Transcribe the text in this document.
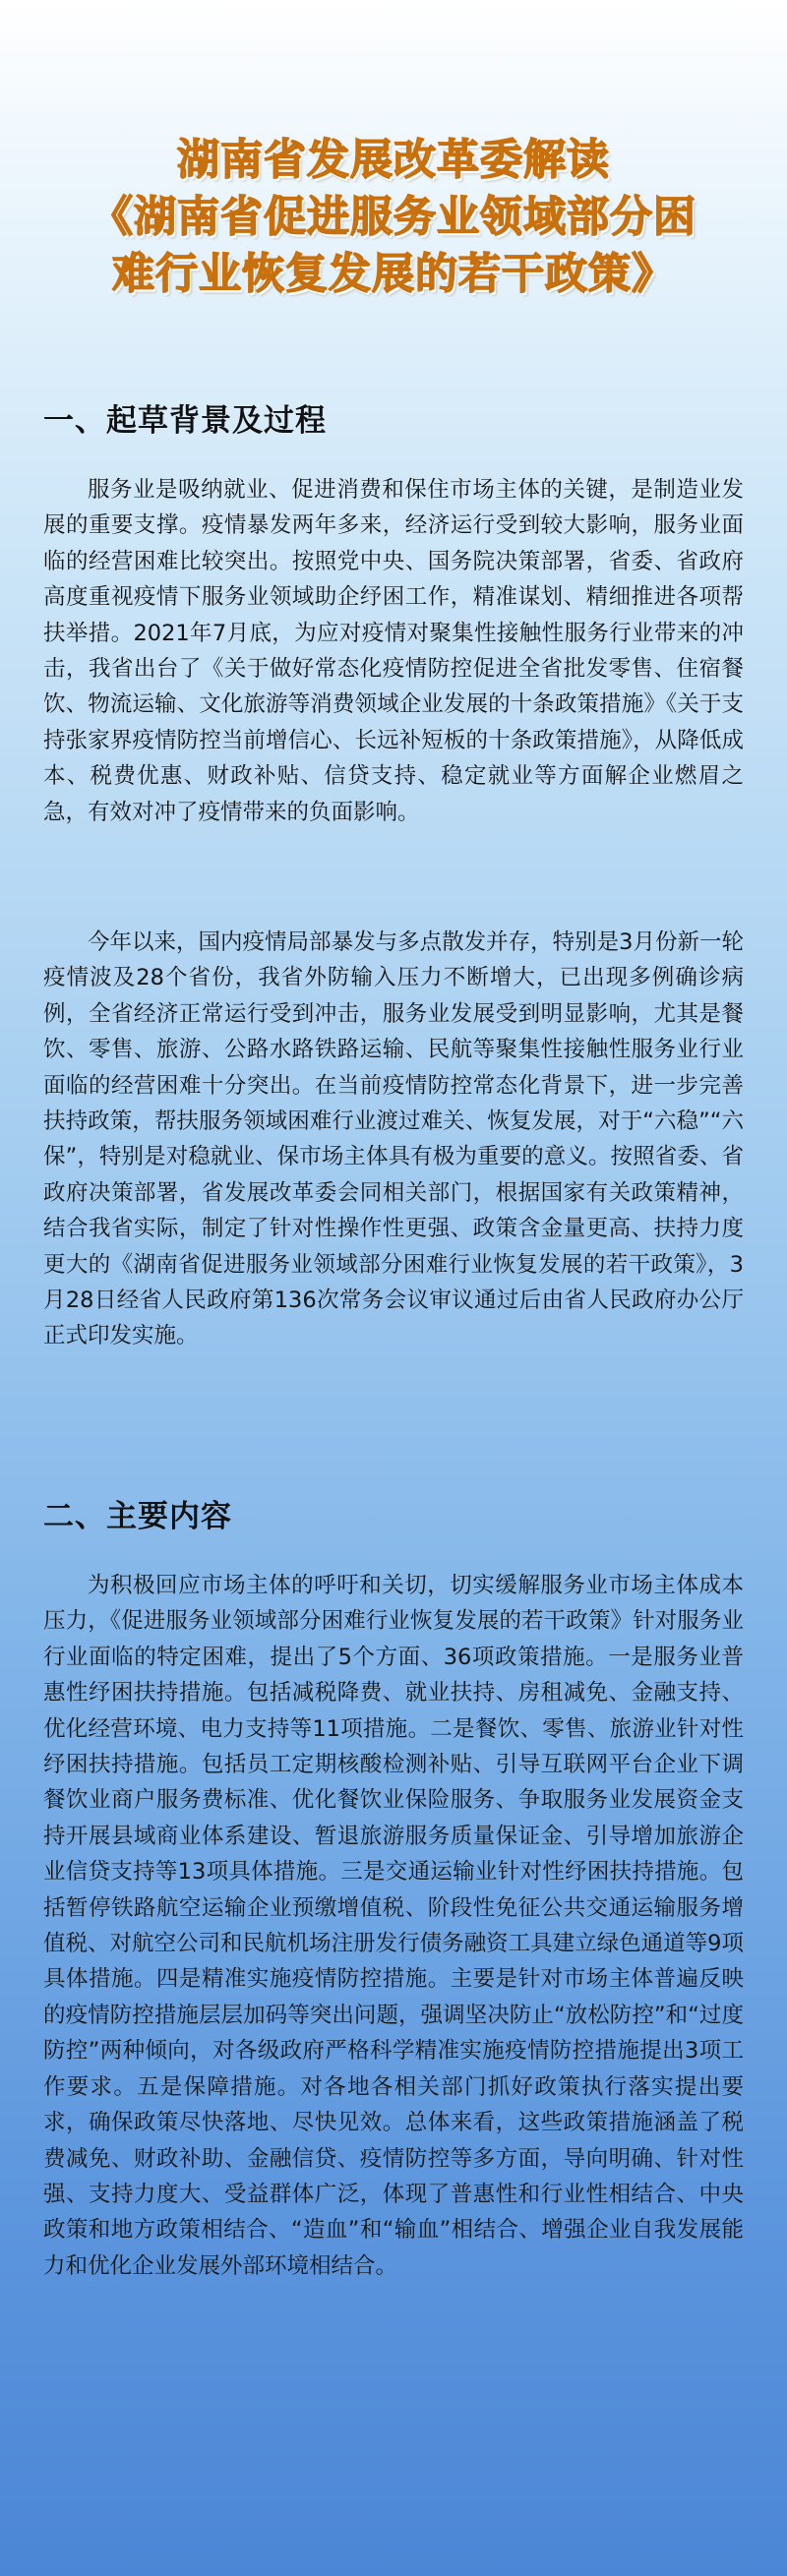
湖南省发展改革委解读
《湖南省促进服务业领域部分困
难行业恢复发展的若干政策》
一、起草背景及过程

服务业是吸纳就业、促进消费和保住市场主体的关键，是制造业发展的重要支撑。疫情暴发两年多来，经济运行受到较大影响，服务业面临的经营困难比较突出。按照党中央、国务院决策部署，省委、省政府高度重视疫情下服务业领域助企纾困工作，精准谋划、精细推进各项帮扶举措。2021年7月底，为应对疫情对聚集性接触性服务行业带来的冲击，我省出台了《关于做好常态化疫情防控促进全省批发零售、住宿餐饮、物流运输、文化旅游等消费领域企业发展的十条政策措施》《关于支持张家界疫情防控当前增信心、长远补短板的十条政策措施》，从降低成本、税费优惠、财政补贴、信贷支持、稳定就业等方面解企业燃眉之急，有效对冲了疫情带来的负面影响。

今年以来，国内疫情局部暴发与多点散发并存，特别是3月份新一轮疫情波及28个省份，我省外防输入压力不断增大，已出现多例确诊病例，全省经济正常运行受到冲击，服务业发展受到明显影响，尤其是餐饮、零售、旅游、公路水路铁路运输、民航等聚集性接触性服务业行业面临的经营困难十分突出。在当前疫情防控常态化背景下，进一步完善扶持政策，帮扶服务领域困难行业渡过难关、恢复发展，对于“六稳”“六保”，特别是对稳就业、保市场主体具有极为重要的意义。按照省委、省政府决策部署，省发展改革委会同相关部门，根据国家有关政策精神，结合我省实际，制定了针对性操作性更强、政策含金量更高、扶持力度更大的《湖南省促进服务业领域部分困难行业恢复发展的若干政策》，3月28日经省人民政府第136次常务会议审议通过后由省人民政府办公厅正式印发实施。

二、主要内容

为积极回应市场主体的呼吁和关切，切实缓解服务业市场主体成本压力，《促进服务业领域部分困难行业恢复发展的若干政策》针对服务业行业面临的特定困难，提出了5个方面、36项政策措施。一是服务业普惠性纾困扶持措施。包括减税降费、就业扶持、房租减免、金融支持、优化经营环境、电力支持等11项措施。二是餐饮、零售、旅游业针对性纾困扶持措施。包括员工定期核酸检测补贴、引导互联网平台企业下调餐饮业商户服务费标准、优化餐饮业保险服务、争取服务业发展资金支持开展县域商业体系建设、暂退旅游服务质量保证金、引导增加旅游企业信贷支持等13项具体措施。三是交通运输业针对性纾困扶持措施。包括暂停铁路航空运输企业预缴增值税、阶段性免征公共交通运输服务增值税、对航空公司和民航机场注册发行债务融资工具建立绿色通道等9项具体措施。四是精准实施疫情防控措施。主要是针对市场主体普遍反映的疫情防控措施层层加码等突出问题，强调坚决防止“放松防控”和“过度防控”两种倾向，对各级政府严格科学精准实施疫情防控措施提出3项工作要求。五是保障措施。对各地各相关部门抓好政策执行落实提出要求，确保政策尽快落地、尽快见效。总体来看，这些政策措施涵盖了税费减免、财政补助、金融信贷、疫情防控等多方面，导向明确、针对性强、支持力度大、受益群体广泛，体现了普惠性和行业性相结合、中央政策和地方政策相结合、“造血”和“输血”相结合、增强企业自我发展能力和优化企业发展外部环境相结合。
